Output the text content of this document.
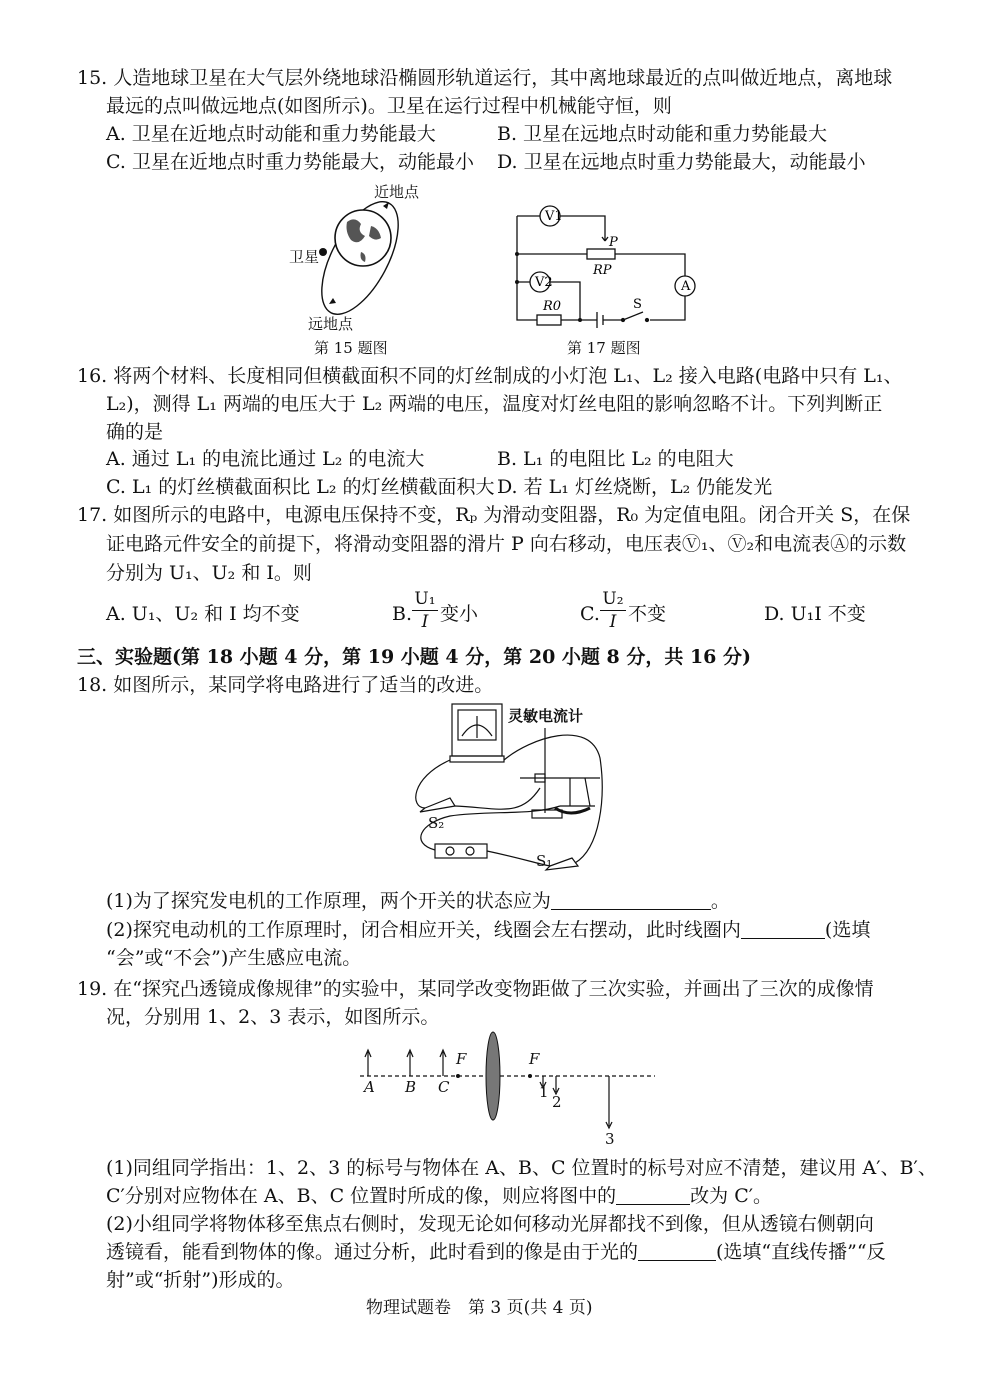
15. 人造地球卫星在大气层外绕地球沿椭圆形轨道运行，其中离地球最近的点叫做近地点，离地球
最远的点叫做远地点(如图所示)。卫星在运行过程中机械能守恒，则
A. 卫星在近地点时动能和重力势能最大	B. 卫星在远地点时动能和重力势能最大
C. 卫星在近地点时重力势能最大，动能最小 D. 卫星在远地点时重力势能最大，动能最小
近地点
卫星
远地点
第 15 题图
V1
V2	A
P
RP
R0	S
第 17 题图
16. 将两个材料、长度相同但横截面积不同的灯丝制成的小灯泡 L₁、L₂ 接入电路(电路中只有 L₁、
L₂)，测得 L₁ 两端的电压大于 L₂ 两端的电压，温度对灯丝电阻的影响忽略不计。下列判断正
确的是
A. 通过 L₁ 的电流比通过 L₂ 的电流大	B. L₁ 的电阻比 L₂ 的电阻大
C. L₁ 的灯丝横截面积比 L₂ 的灯丝横截面积大 D. 若 L₁ 灯丝烧断，L₂ 仍能发光
17. 如图所示的电路中，电源电压保持不变，Rₚ 为滑动变阻器，R₀ 为定值电阻。闭合开关 S，在保
证电路元件安全的前提下，将滑动变阻器的滑片 P 向右移动，电压表Ⓥ₁、Ⓥ₂和电流表Ⓐ的示数
分别为 U₁、U₂ 和 I。则
A. U₁、U₂ 和 I 均不变	B. $\frac{\text{U₁}}{I}$ 变小	C. $\frac{\text{U₂}}{I}$ 不变	D. U₁I 不变
三、实验题(第 18 小题 4 分，第 19 小题 4 分，第 20 小题 8 分，共 16 分)
18. 如图所示，某同学将电路进行了适当的改进。
灵敏电流计
S₂
S₁
(1)为了探究发电机的工作原理，两个开关的状态应为	。
(2)探究电动机的工作原理时，闭合相应开关，线圈会左右摆动，此时线圈内	(选填
“会”或“不会”)产生感应电流。
19. 在“探究凸透镜成像规律”的实验中，某同学改变物距做了三次实验，并画出了三次的成像情
况，分别用 1、2、3 表示，如图所示。
A B C
F	F
1
2
3
(1)同组同学指出：1、2、3 的标号与物体在 A、B、C 位置时的标号对应不清楚，建议用 A′、B′、
C′分别对应物体在 A、B、C 位置时所成的像，则应将图中的	改为 C′。
(2)小组同学将物体移至焦点右侧时，发现无论如何移动光屏都找不到像，但从透镜右侧朝向
透镜看，能看到物体的像。通过分析，此时看到的像是由于光的	(选填“直线传播”“反
射”或“折射”)形成的。
物理试题卷　第 3 页(共 4 页)
